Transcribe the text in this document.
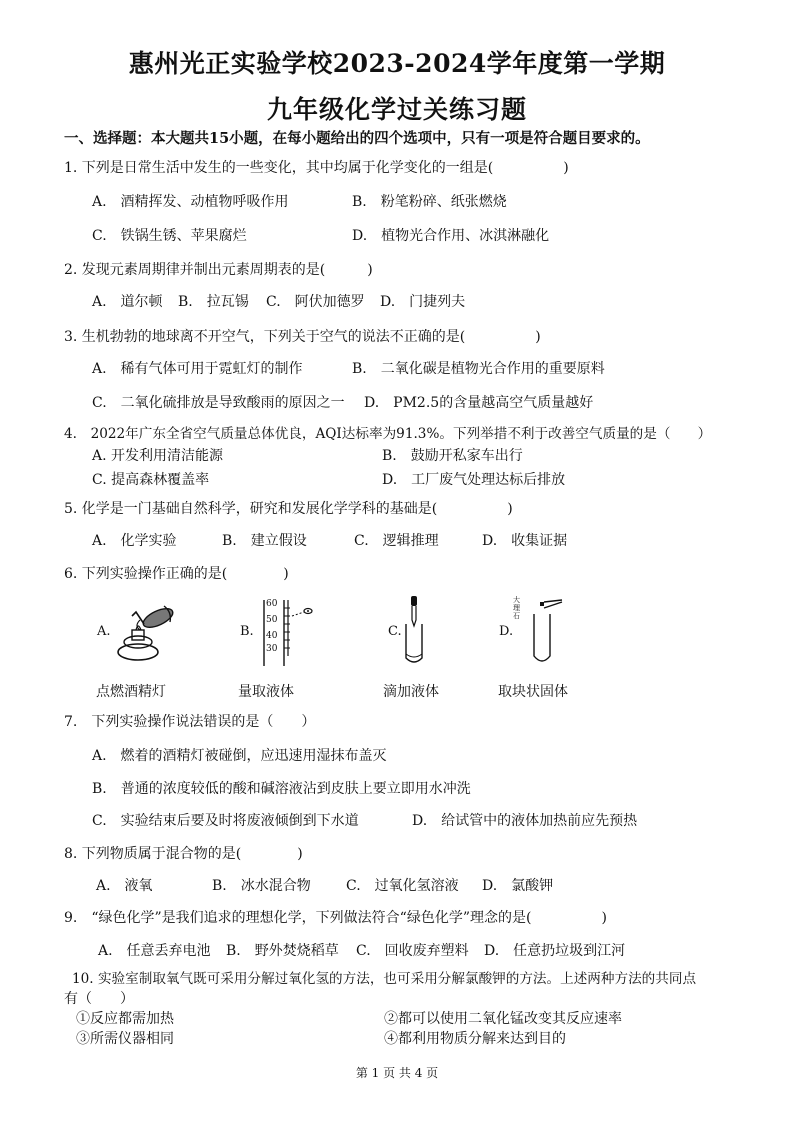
惠州光正实验学校2023-2024学年度第一学期
九年级化学过关练习题
一、选择题：本大题共15小题，在每小题给出的四个选项中，只有一项是符合题目要求的。
1. 下列是日常生活中发生的一些变化，其中均属于化学变化的一组是(　　　　　)
A.　酒精挥发、动植物呼吸作用	B.　粉笔粉碎、纸张燃烧
C.　铁锅生锈、苹果腐烂	D.　植物光合作用、冰淇淋融化
2. 发现元素周期律并制出元素周期表的是(　　　)
A.　道尔顿 B.　拉瓦锡 C.　阿伏加德罗 D.　门捷列夫
3. 生机勃勃的地球离不开空气，下列关于空气的说法不正确的是(　　　　　)
A.　稀有气体可用于霓虹灯的制作	B.　二氧化碳是植物光合作用的重要原料
C.　二氧化硫排放是导致酸雨的原因之一 D.　PM2.5的含量越高空气质量越好
4.　2022年广东全省空气质量总体优良，AQI达标率为91.3%。下列举措不利于改善空气质量的是（　　）
A. 开发利用清洁能源	B.　鼓励开私家车出行
C. 提高森林覆盖率	D.　工厂废气处理达标后排放
5. 化学是一门基础自然科学，研究和发展化学学科的基础是(　　　　　)
A.　化学实验	B.　建立假设	C.　逻辑推理	D.　收集证据
6. 下列实验操作正确的是(　　　　)
A.	B.	C.	D.
60
50
40
30
大理石
点燃酒精灯	量取液体	滴加液体	取块状固体
7.　下列实验操作说法错误的是（　　）
A.　燃着的酒精灯被碰倒，应迅速用湿抹布盖灭
B.　普通的浓度较低的酸和碱溶液沾到皮肤上要立即用水冲洗
C.　实验结束后要及时将废液倾倒到下水道	D.　给试管中的液体加热前应先预热
8. 下列物质属于混合物的是(　　　　)
A.　液氧	B.　冰水混合物	C.　过氧化氢溶液 D.　氯酸钾
9.　“绿色化学”是我们追求的理想化学，下列做法符合“绿色化学”理念的是(　　　　　)
A.　任意丢弃电池 B.　野外焚烧稻草 C.　回收废弃塑料 D.　任意扔垃圾到江河
10. 实验室制取氧气既可采用分解过氧化氢的方法，也可采用分解氯酸钾的方法。上述两种方法的共同点
有（　　）
①反应都需加热	②都可以使用二氧化锰改变其反应速率
③所需仪器相同	④都利用物质分解来达到目的
第 1 页 共 4 页
